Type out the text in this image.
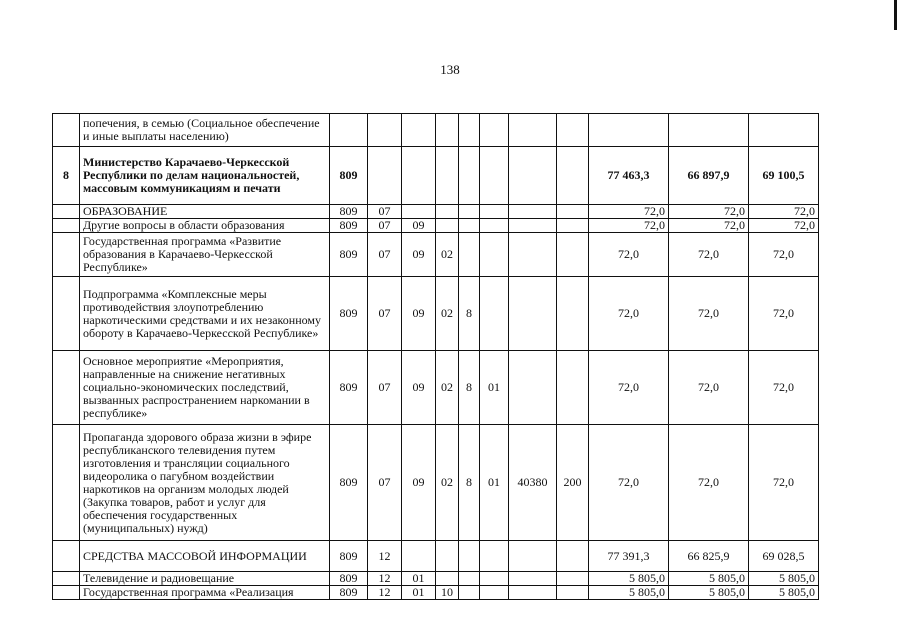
138
	попечения, в семью (Социальное обеспечение и иные выплаты населению)											
8	Министерство Карачаево-Черкесской Республики по делам национальностей, массовым коммуникациям и печати	809								77 463,3	66 897,9	69 100,5
	ОБРАЗОВАНИЕ	809	07							72,0	72,0	72,0
	Другие вопросы в области образования	809	07	09						72,0	72,0	72,0
	Государственная программа «Развитие образования в Карачаево-Черкесской Республике»	809	07	09	02					72,0	72,0	72,0
	Подпрограмма «Комплексные меры противодействия злоупотреблению наркотическими средствами и их незаконному обороту в Карачаево-Черкесской Республике»	809	07	09	02	8				72,0	72,0	72,0
	Основное мероприятие «Мероприятия, направленные на снижение негативных социально-экономических последствий, вызванных распространением наркомании в республике»	809	07	09	02	8	01			72,0	72,0	72,0
	Пропаганда здорового образа жизни в эфире республиканского телевидения путем изготовления и трансляции социального видеоролика о пагубном воздействии наркотиков на организм молодых людей (Закупка товаров, работ и услуг для обеспечения государственных (муниципальных) нужд)	809	07	09	02	8	01	40380	200	72,0	72,0	72,0
	СРЕДСТВА МАССОВОЙ ИНФОРМАЦИИ	809	12							77 391,3	66 825,9	69 028,5
	Телевидение и радиовещание	809	12	01						5 805,0	5 805,0	5 805,0
	Государственная программа «Реализация	809	12	01	10					5 805,0	5 805,0	5 805,0
